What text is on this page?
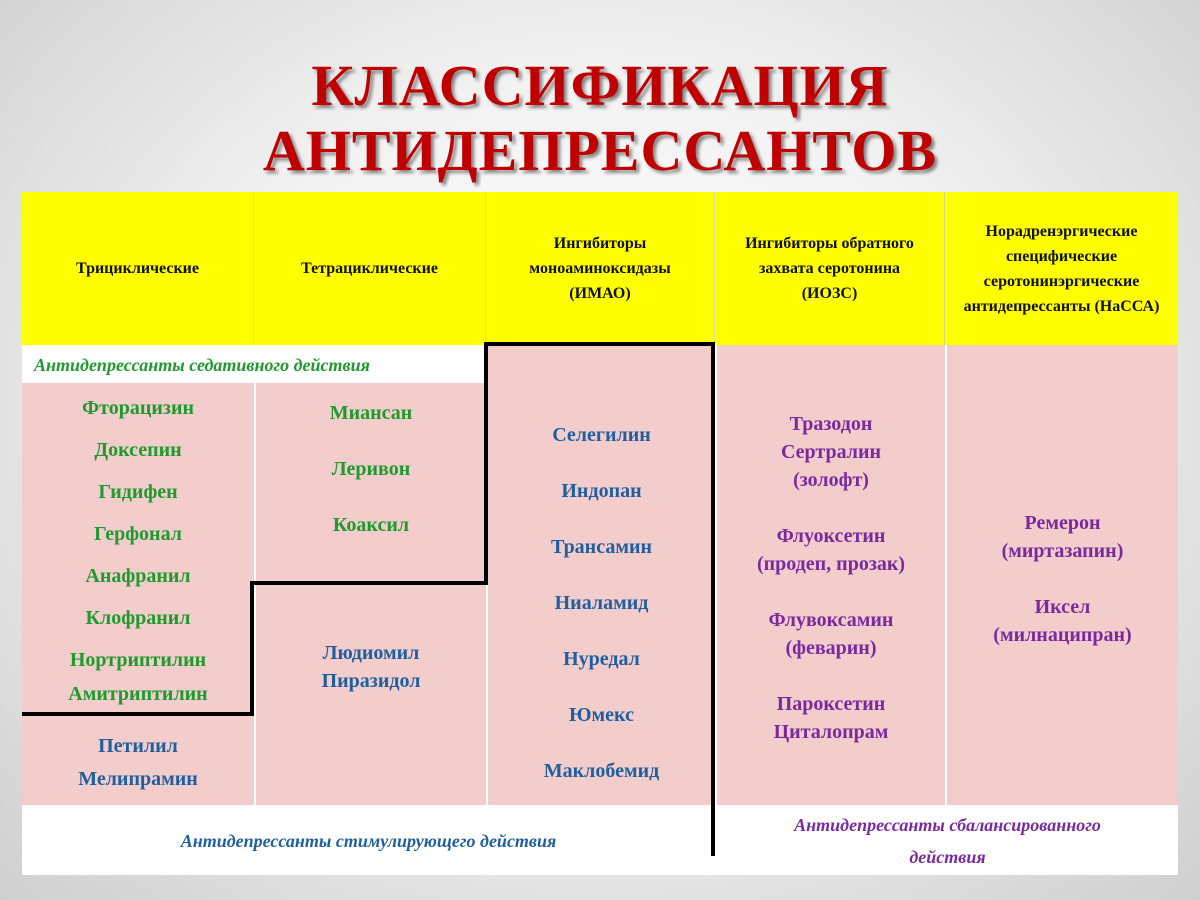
КЛАССИФИКАЦИЯ
АНТИДЕПРЕССАНТОВ
Трициклические	Тетрациклические
Ингибиторы моноаминоксидазы (ИМАО)
Ингибиторы обратного захвата серотонина (ИОЗС)
Норадренэргические специфические серотонинэргические антидепрессанты (НаССА)
Антидепрессанты седативного действия
Фторацизин
Доксепин
Гидифен
Герфонал
Анафранил
Клофранил
Нортриптилин
Амитриптилин
Петилил
Мелипрамин
Миансан
Леривон
Коаксил
Людиомил
Пиразидол
Селегилин
Индопан
Трансамин
Ниаламид
Нуредал
Юмекс
Маклобемид
Тразодон
Сертралин
(золофт)
Флуоксетин
(продеп, прозак)
Флувоксамин
(феварин)
Пароксетин
Циталопрам
Ремерон
(миртазапин)
Иксел
(милнаципран)
Антидепрессанты стимулирующего действия
Антидепрессанты сбалансированного
действия
